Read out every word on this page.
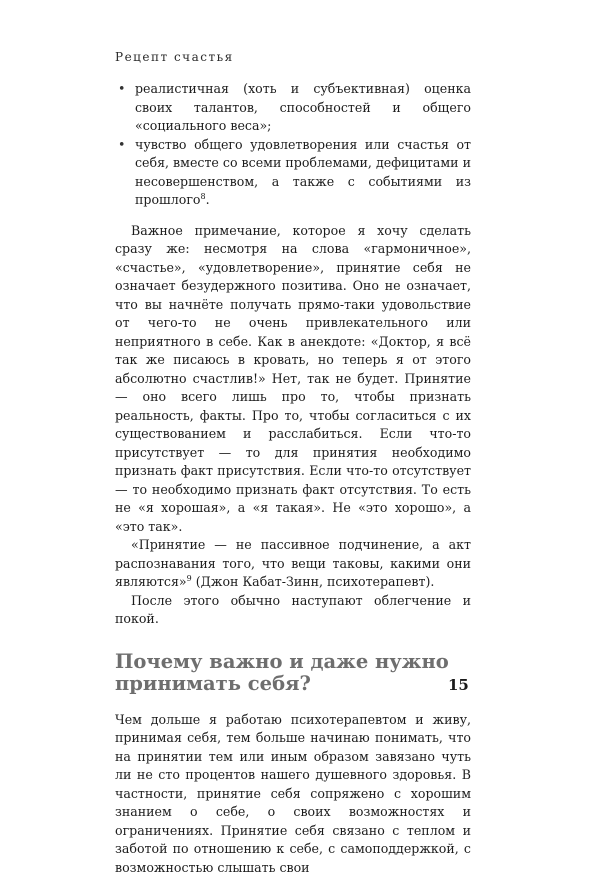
Рецепт счастья
• реалистичная (хоть и субъективная) оценка своих талантов, способностей и общего «социального веса»;
• чувство общего удовлетворения или счастья от себя, вместе со всеми проблемами, дефицитами и несовершенством, а также с событиями из прошлого$^8$.

Важное примечание, которое я хочу сделать сразу же: несмотря на слова «гармоничное», «счастье», «удовлетворение», принятие себя не означает безудержного позитива. Оно не означает, что вы начнёте получать прямо-таки удовольствие от чего-то не очень привлекательного или неприятного в себе. Как в анекдоте: «Доктор, я всё так же писаюсь в кровать, но теперь я от этого абсолютно счастлив!» Нет, так не будет. Принятие — оно всего лишь про то, чтобы признать реальность, факты. Про то, чтобы согласиться с их существованием и расслабиться. Если что-то присутствует — то для принятия необходимо признать факт присутствия. Если что-то отсутствует — то необходимо признать факт отсутствия. То есть не «я хорошая», а «я такая». Не «это хорошо», а «это так».

«Принятие — не пассивное подчинение, а акт распознавания того, что вещи таковы, какими они являются»$^9$ (Джон Кабат-Зинн, психотерапевт).

После этого обычно наступают облегчение и покой.

Почему важно и даже нужно принимать себя?

Чем дольше я работаю психотерапевтом и живу, принимая себя, тем больше начинаю понимать, что на принятии тем или иным образом завязано чуть ли не сто процентов нашего душевного здоровья. В частности, принятие себя сопряжено с хорошим знанием о себе, о своих возможностях и ограничениях. Принятие себя связано с теплом и заботой по отношению к себе, с самоподдержкой, с возможностью слышать свои

15
